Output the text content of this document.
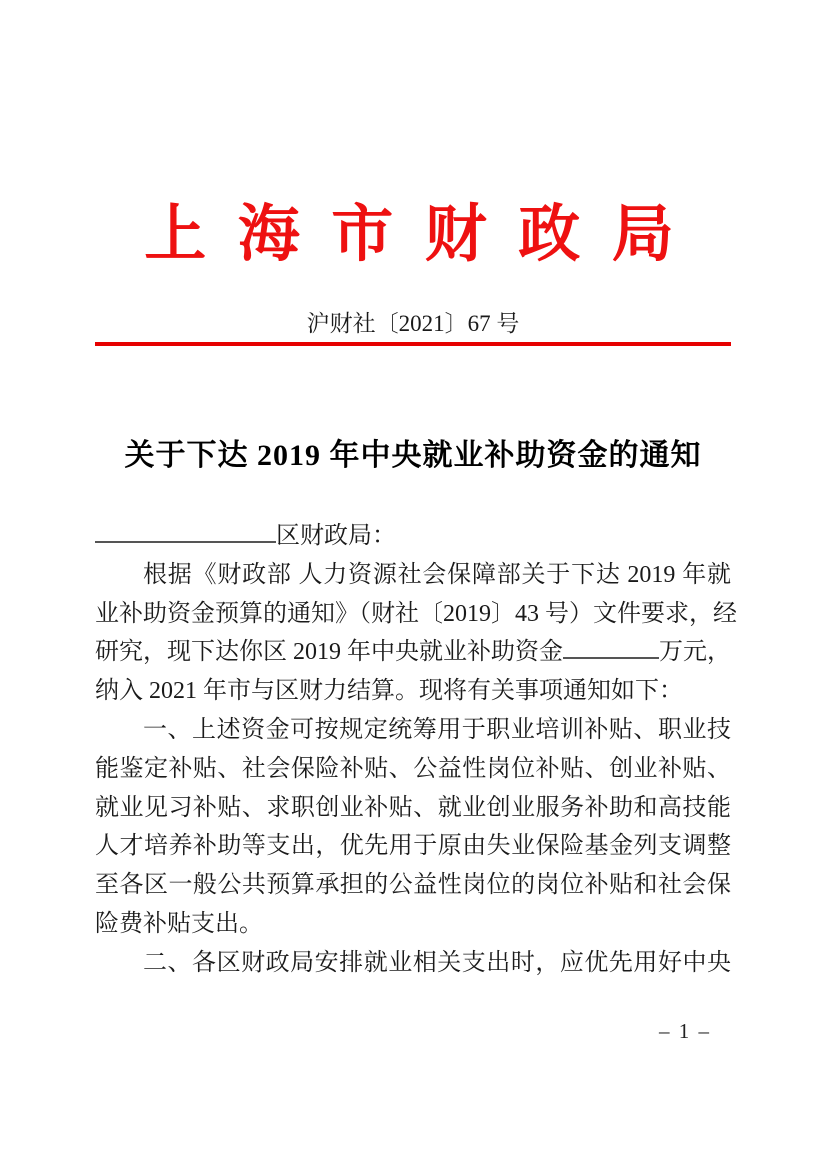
上 海 市 财 政 局
沪财社〔2021〕67 号
关于下达 2019 年中央就业补助资金的通知
区财政局：
根据《财政部 人力资源社会保障部关于下达 2019 年就
业补助资金预算的通知》（财社〔2019〕43 号）文件要求，经
研究，现下达你区 2019 年中央就业补助资金	万元，
纳入 2021 年市与区财力结算。现将有关事项通知如下：
一、上述资金可按规定统筹用于职业培训补贴、职业技
能鉴定补贴、社会保险补贴、公益性岗位补贴、创业补贴、
就业见习补贴、求职创业补贴、就业创业服务补助和高技能
人才培养补助等支出，优先用于原由失业保险基金列支调整
至各区一般公共预算承担的公益性岗位的岗位补贴和社会保
险费补贴支出。
二、各区财政局安排就业相关支出时，应优先用好中央
– 1 –
